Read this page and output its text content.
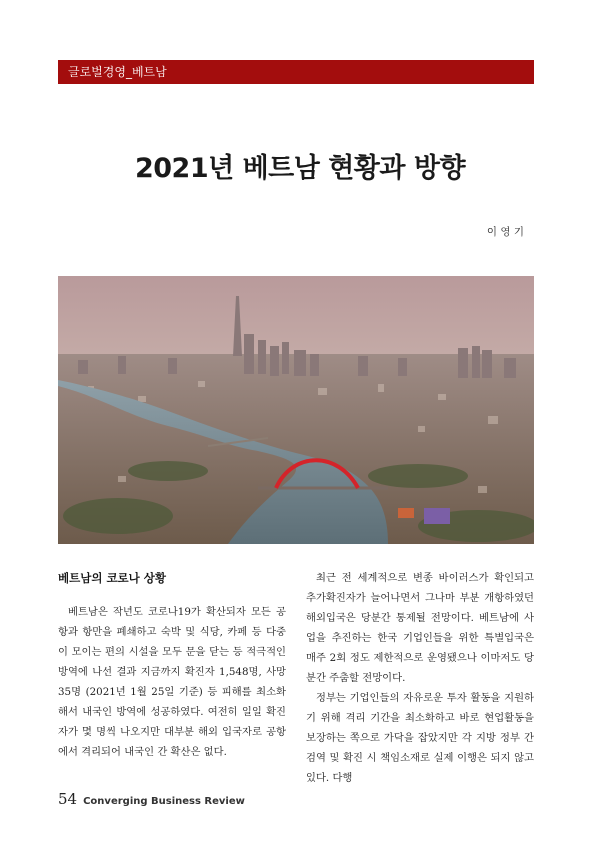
글로벌경영_베트남
2021년 베트남 현황과 방향
이 영 기
베트남의 코로나 상황

베트남은 작년도 코로나19가 확산되자 모든 공항과 항만을 폐쇄하고 숙박 및 식당, 카페 등 다중이 모이는 편의 시설을 모두 문을 닫는 등 적극적인 방역에 나선 결과 지금까지 확진자 1,548명, 사망 35명 (2021년 1월 25일 기준) 등 피해를 최소화해서 내국인 방역에 성공하였다. 여전히 일일 확진자가 몇 명씩 나오지만 대부분 해외 입국자로 공항에서 격리되어 내국인 간 확산은 없다.

최근 전 세계적으로 변종 바이러스가 확인되고 추가확진자가 늘어나면서 그나마 부분 개항하였던 해외입국은 당분간 통제될 전망이다. 베트남에 사업을 추진하는 한국 기업인들을 위한 특별입국은 매주 2회 정도 제한적으로 운영됐으나 이마저도 당분간 주춤할 전망이다.

정부는 기업인들의 자유로운 투자 활동을 지원하기 위해 격리 기간을 최소화하고 바로 현업활동을 보장하는 쪽으로 가닥을 잡았지만 각 지방 정부 간 검역 및 확진 시 책임소재로 실제 이행은 되지 않고 있다. 다행

54 Converging Business Review
